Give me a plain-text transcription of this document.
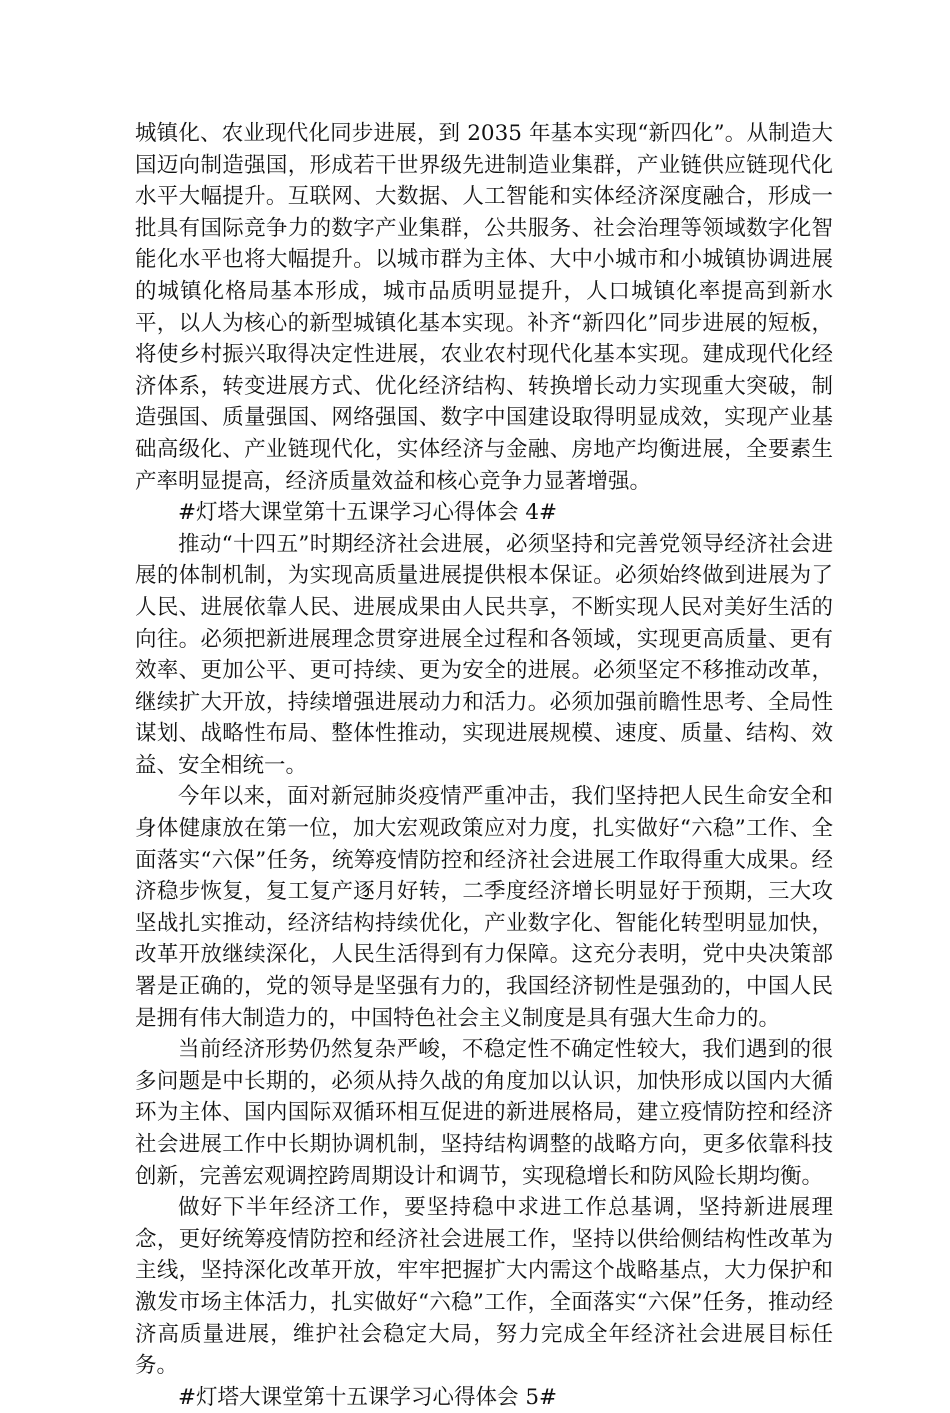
城镇化、农业现代化同步进展，到 2035 年基本实现“新四化”。从制造大国迈向制造强国，形成若干世界级先进制造业集群，产业链供应链现代化水平大幅提升。互联网、大数据、人工智能和实体经济深度融合，形成一批具有国际竞争力的数字产业集群，公共服务、社会治理等领域数字化智能化水平也将大幅提升。以城市群为主体、大中小城市和小城镇协调进展的城镇化格局基本形成，城市品质明显提升，人口城镇化率提高到新水平，以人为核心的新型城镇化基本实现。补齐“新四化”同步进展的短板，将使乡村振兴取得决定性进展，农业农村现代化基本实现。建成现代化经济体系，转变进展方式、优化经济结构、转换增长动力实现重大突破，制造强国、质量强国、网络强国、数字中国建设取得明显成效，实现产业基础高级化、产业链现代化，实体经济与金融、房地产均衡进展，全要素生产率明显提高，经济质量效益和核心竞争力显著增强。

#灯塔大课堂第十五课学习心得体会 4#

推动“十四五”时期经济社会进展，必须坚持和完善党领导经济社会进展的体制机制，为实现高质量进展提供根本保证。必须始终做到进展为了人民、进展依靠人民、进展成果由人民共享，不断实现人民对美好生活的向往。必须把新进展理念贯穿进展全过程和各领域，实现更高质量、更有效率、更加公平、更可持续、更为安全的进展。必须坚定不移推动改革，继续扩大开放，持续增强进展动力和活力。必须加强前瞻性思考、全局性谋划、战略性布局、整体性推动，实现进展规模、速度、质量、结构、效益、安全相统一。

今年以来，面对新冠肺炎疫情严重冲击，我们坚持把人民生命安全和身体健康放在第一位，加大宏观政策应对力度，扎实做好“六稳”工作、全面落实“六保”任务，统筹疫情防控和经济社会进展工作取得重大成果。经济稳步恢复，复工复产逐月好转，二季度经济增长明显好于预期，三大攻坚战扎实推动，经济结构持续优化，产业数字化、智能化转型明显加快，改革开放继续深化，人民生活得到有力保障。这充分表明，党中央决策部署是正确的，党的领导是坚强有力的，我国经济韧性是强劲的，中国人民是拥有伟大制造力的，中国特色社会主义制度是具有强大生命力的。

当前经济形势仍然复杂严峻，不稳定性不确定性较大，我们遇到的很多问题是中长期的，必须从持久战的角度加以认识，加快形成以国内大循环为主体、国内国际双循环相互促进的新进展格局，建立疫情防控和经济社会进展工作中长期协调机制，坚持结构调整的战略方向，更多依靠科技创新，完善宏观调控跨周期设计和调节，实现稳增长和防风险长期均衡。

做好下半年经济工作，要坚持稳中求进工作总基调，坚持新进展理念，更好统筹疫情防控和经济社会进展工作，坚持以供给侧结构性改革为主线，坚持深化改革开放，牢牢把握扩大内需这个战略基点，大力保护和激发市场主体活力，扎实做好“六稳”工作，全面落实“六保”任务，推动经济高质量进展，维护社会稳定大局，努力完成全年经济社会进展目标任务。

#灯塔大课堂第十五课学习心得体会 5#
